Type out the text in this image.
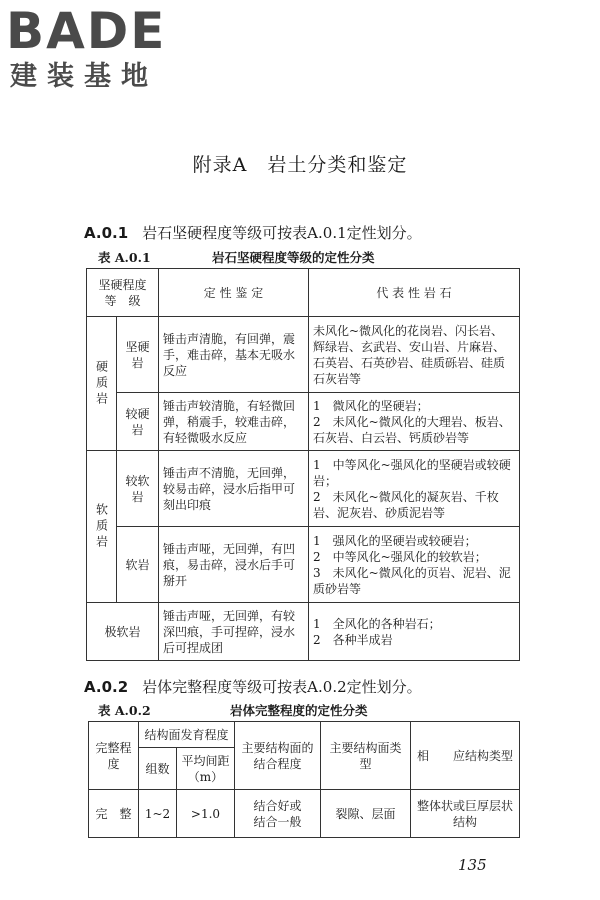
BADE
建装基地
附录A　岩土分类和鉴定
A.0.1 岩石坚硬程度等级可按表A.0.1定性划分。
表 A.0.1	岩石坚硬程度等级的定性分类
坚硬程度
等　级		定 性 鉴 定	代 表 性 岩 石

硬质岩	坚硬岩	锤击声清脆，有回弹，震手，难击碎，基本无吸水反应	未风化~微风化的花岗岩、闪长岩、辉绿岩、玄武岩、安山岩、片麻岩、石英岩、石英砂岩、硅质砾岩、硅质石灰岩等

	较硬岩	锤击声较清脆，有轻微回弹，稍震手，较难击碎，有轻微吸水反应	1　微风化的坚硬岩；
2　未风化~微风化的大理岩、板岩、石灰岩、白云岩、钙质砂岩等

软质岩	较软岩	锤击声不清脆，无回弹，较易击碎，浸水后指甲可刻出印痕	1　中等风化~强风化的坚硬岩或较硬岩；
2　未风化~微风化的凝灰岩、千枚岩、泥灰岩、砂质泥岩等

	软岩	锤击声哑，无回弹，有凹痕，易击碎，浸水后手可掰开	1　强风化的坚硬岩或较硬岩；
2　中等风化~强风化的较软岩；
3　未风化~微风化的页岩、泥岩、泥质砂岩等

极软岩		锤击声哑，无回弹，有较深凹痕，手可捏碎，浸水后可捏成团	1　全风化的各种岩石；
2　各种半成岩
A.0.2 岩体完整程度等级可按表A.0.2定性划分。
表 A.0.2	岩体完整程度的定性分类
完整程度	结构面发育程度		主要结构面的结合程度	主要结构面类　　型	相　　应结构类型
	组数	平均间距
（m）			

完　整	1~2	>1.0	结合好或
结合一般	裂隙、层面	整体状或巨厚层状结构
135
